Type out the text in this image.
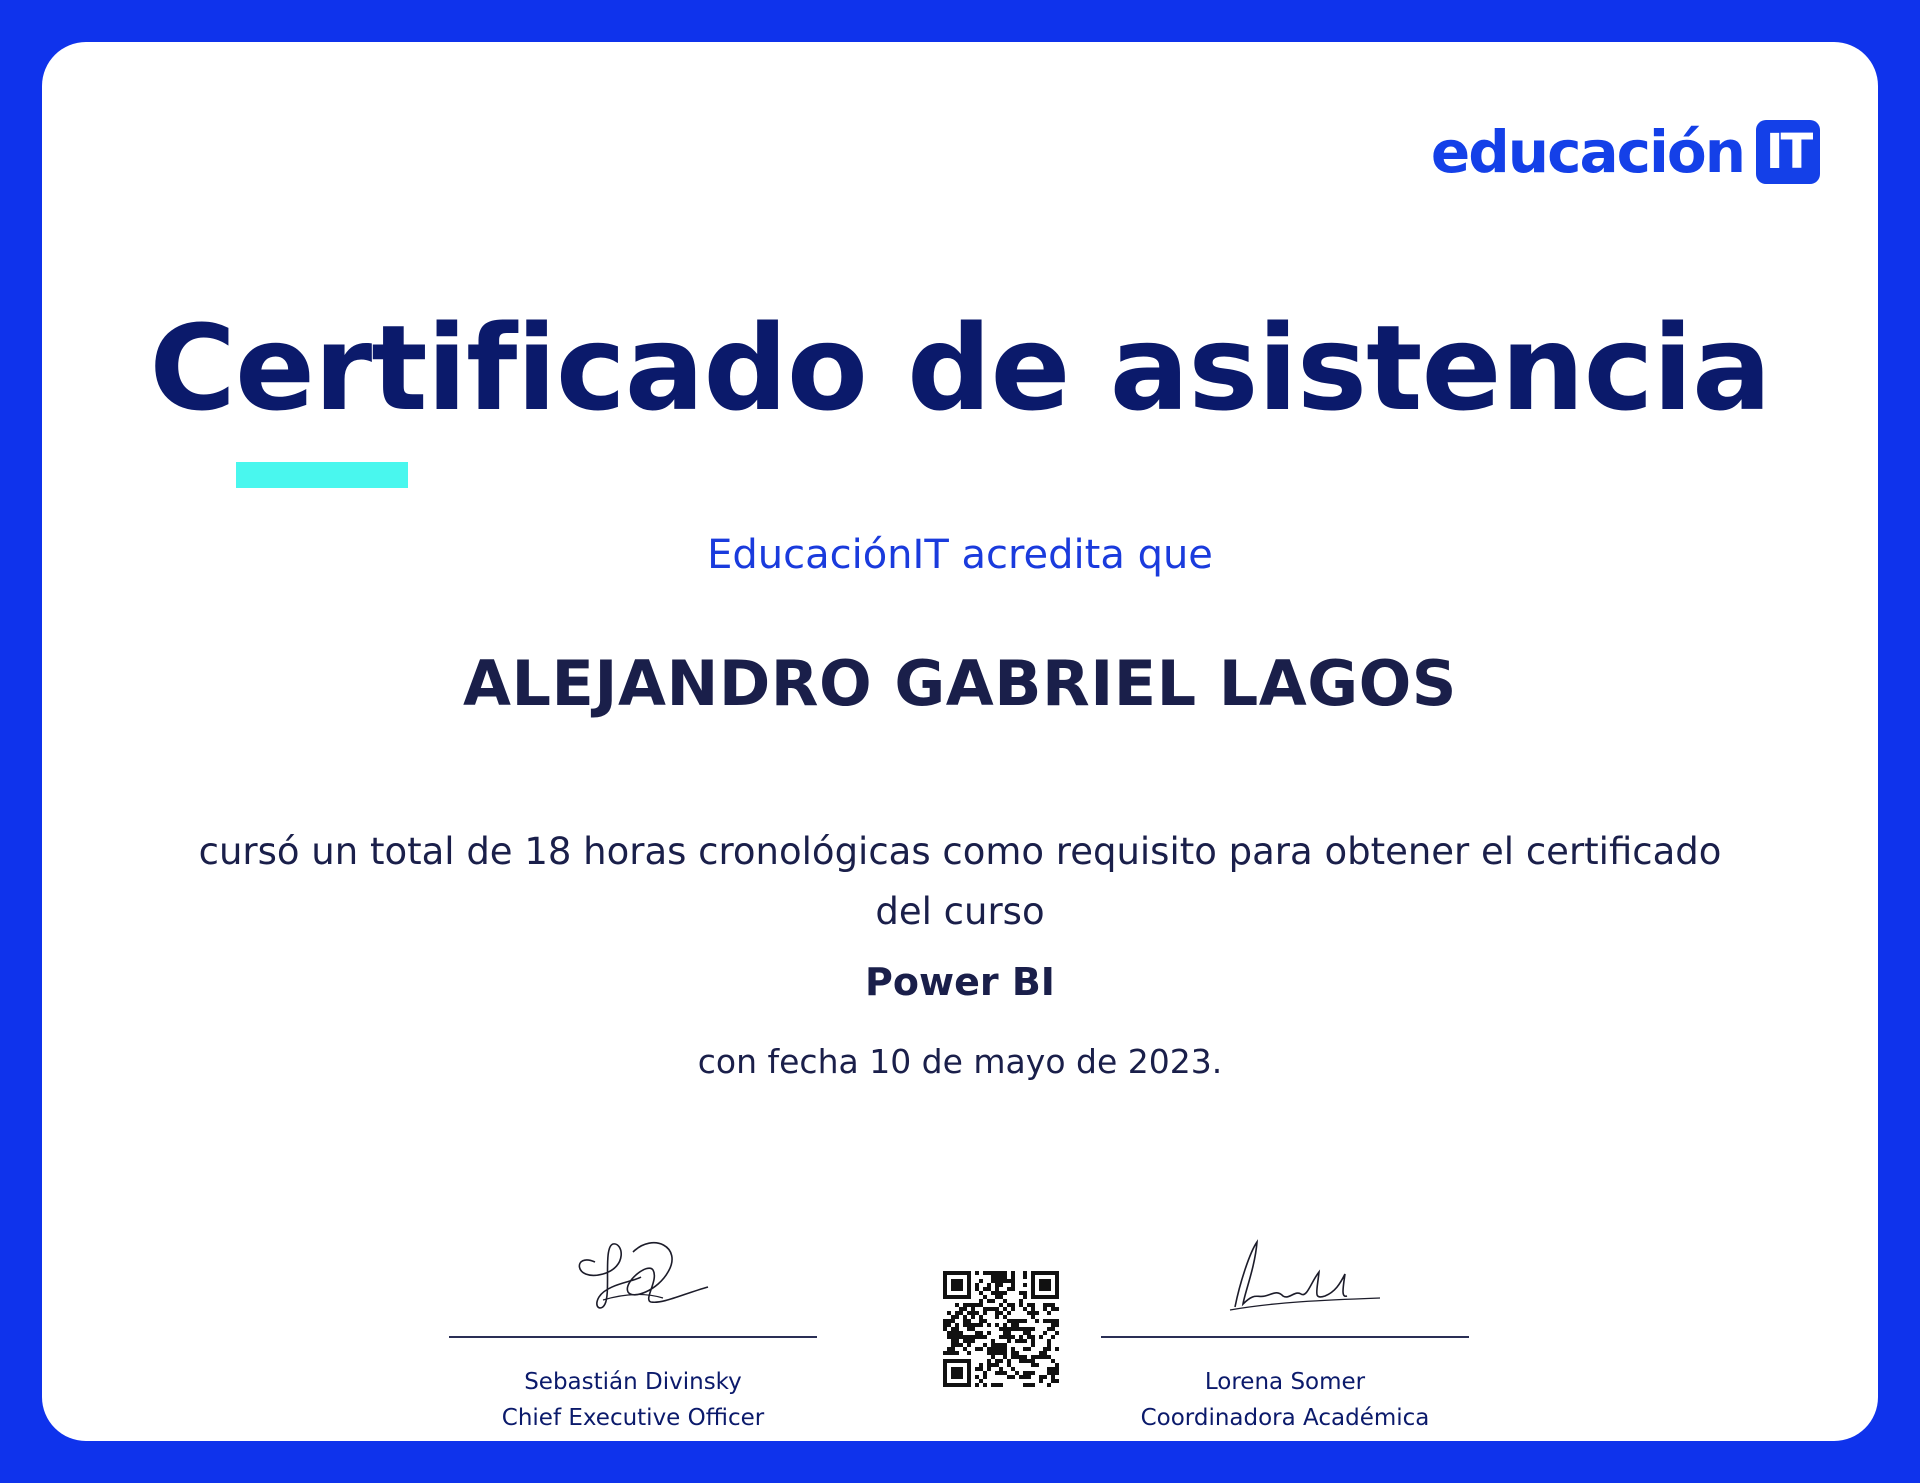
educación IT
Certificado de asistencia
EducaciónIT acredita que
ALEJANDRO GABRIEL LAGOS
cursó un total de 18 horas cronológicas como requisito para obtener el certificado
del curso
Power BI
con fecha 10 de mayo de 2023.
Sebastián Divinsky
Chief Executive Officer
Lorena Somer
Coordinadora Académica
